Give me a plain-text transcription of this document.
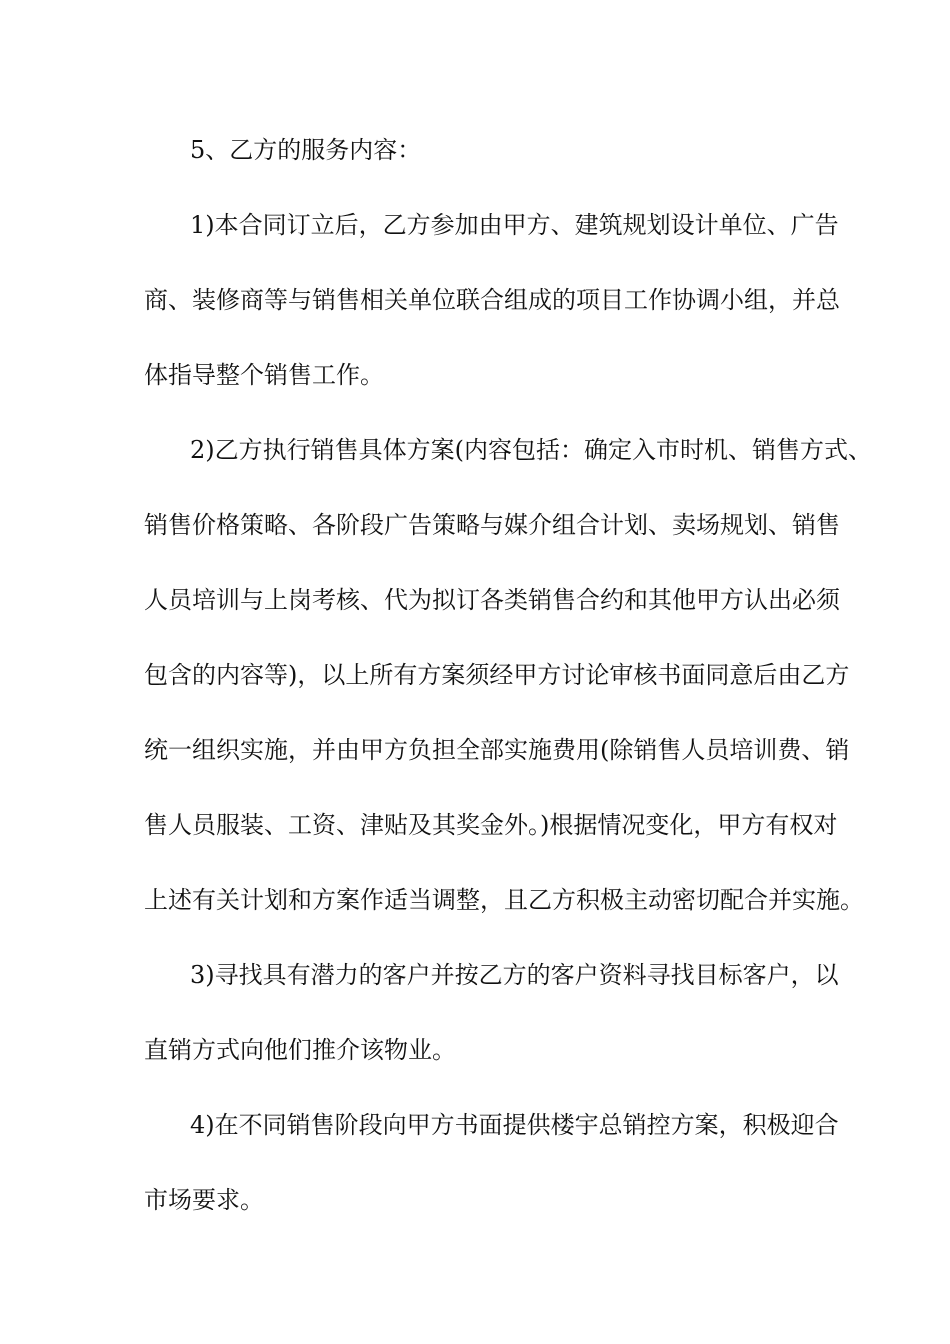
5、乙方的服务内容：
1)本合同订立后，乙方参加由甲方、建筑规划设计单位、广告
商、装修商等与销售相关单位联合组成的项目工作协调小组，并总
体指导整个销售工作。
2)乙方执行销售具体方案(内容包括：确定入市时机、销售方式、
销售价格策略、各阶段广告策略与媒介组合计划、卖场规划、销售
人员培训与上岗考核、代为拟订各类销售合约和其他甲方认出必须
包含的内容等)，以上所有方案须经甲方讨论审核书面同意后由乙方
统一组织实施，并由甲方负担全部实施费用(除销售人员培训费、销
售人员服装、工资、津贴及其奖金外。)根据情况变化，甲方有权对
上述有关计划和方案作适当调整，且乙方积极主动密切配合并实施。
3)寻找具有潜力的客户并按乙方的客户资料寻找目标客户，以
直销方式向他们推介该物业。
4)在不同销售阶段向甲方书面提供楼宇总销控方案，积极迎合
市场要求。
